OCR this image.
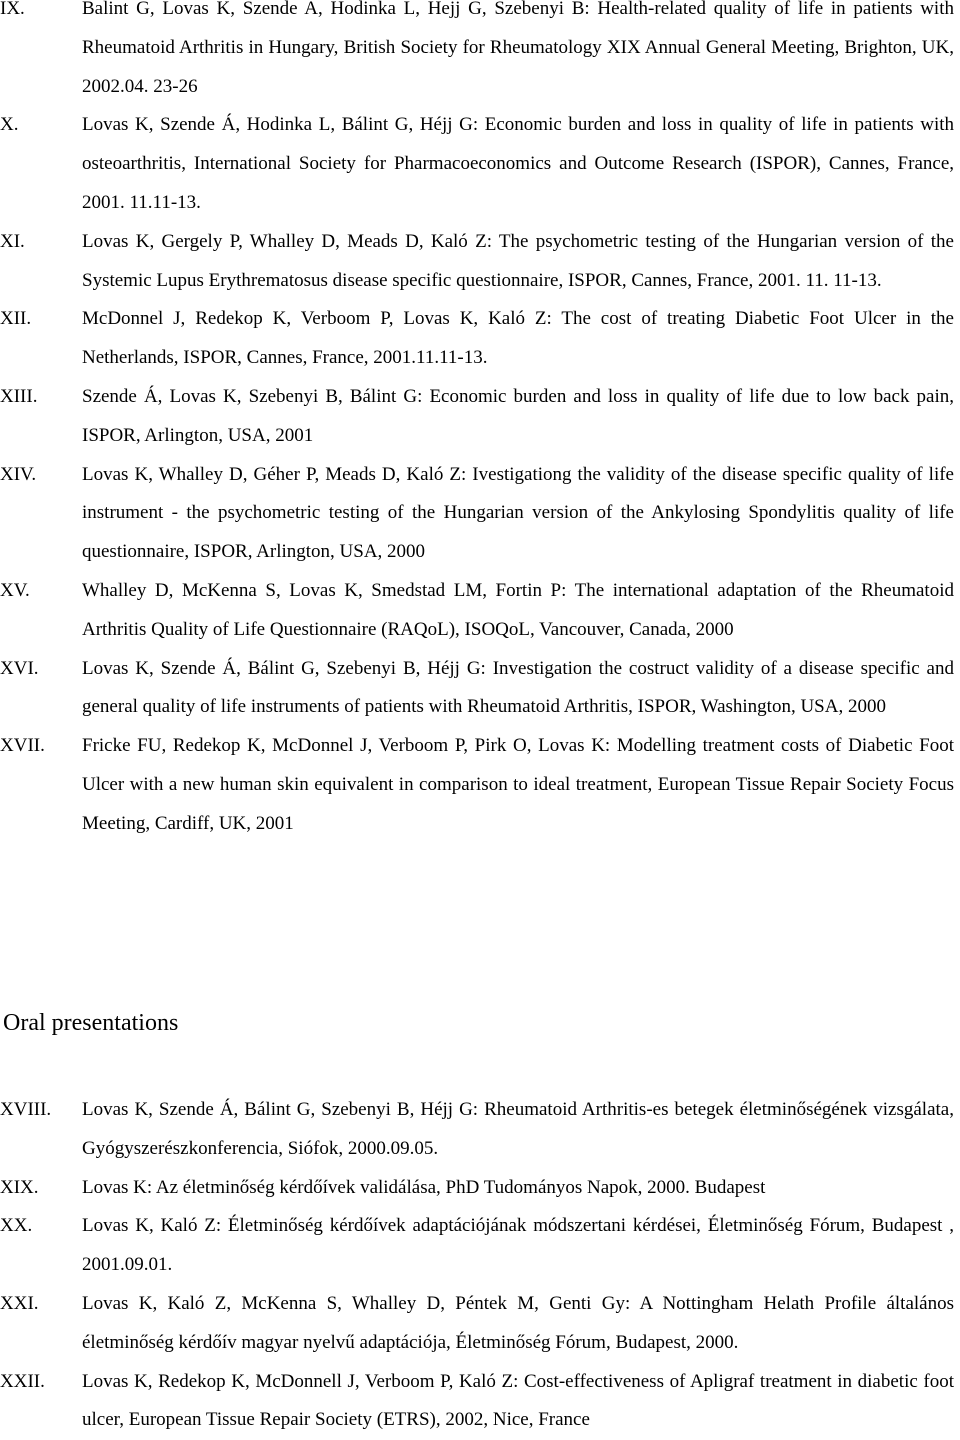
IX.	Balint G, Lovas K, Szende A, Hodinka L, Hejj G, Szebenyi B: Health-related quality of life in patients with Rheumatoid Arthritis in Hungary, British Society for Rheumatology XIX Annual General Meeting, Brighton, UK, 2002.04. 23-26
X.	Lovas K, Szende Á, Hodinka L, Bálint G, Héjj G: Economic burden and loss in quality of life in patients with osteoarthritis, International Society for Pharmacoeconomics and Outcome Research (ISPOR), Cannes, France, 2001. 11.11-13.
XI.	Lovas K, Gergely P, Whalley D, Meads D, Kaló Z: The psychometric testing of the Hungarian version of the Systemic Lupus Erythrematosus disease specific questionnaire, ISPOR, Cannes, France, 2001. 11. 11-13.
XII.	McDonnel J, Redekop K, Verboom P, Lovas K, Kaló Z: The cost of treating Diabetic Foot Ulcer in the Netherlands, ISPOR, Cannes, France, 2001.11.11-13.
XIII. Szende Á, Lovas K, Szebenyi B, Bálint G: Economic burden and loss in quality of life due to low back pain, ISPOR, Arlington, USA, 2001
XIV. Lovas K, Whalley D, Géher P, Meads D, Kaló Z: Ivestigationg the validity of the disease specific quality of life instrument - the psychometric testing of the Hungarian version of the Ankylosing Spondylitis quality of life questionnaire, ISPOR, Arlington, USA, 2000
XV.	Whalley D, McKenna S, Lovas K, Smedstad LM, Fortin P: The international adaptation of the Rheumatoid Arthritis Quality of Life Questionnaire (RAQoL), ISOQoL, Vancouver, Canada, 2000
XVI. Lovas K, Szende Á, Bálint G, Szebenyi B, Héjj G: Investigation the costruct validity of a disease specific and general quality of life instruments of patients with Rheumatoid Arthritis, ISPOR, Washington, USA, 2000
XVII. Fricke FU, Redekop K, McDonnel J, Verboom P, Pirk O, Lovas K: Modelling treatment costs of Diabetic Foot Ulcer with a new human skin equivalent in comparison to ideal treatment, European Tissue Repair Society Focus Meeting, Cardiff, UK, 2001
Oral presentations
XVIII. Lovas K, Szende Á, Bálint G, Szebenyi B, Héjj G: Rheumatoid Arthritis-es betegek életminőségének vizsgálata, Gyógyszerészkonferencia, Siófok, 2000.09.05.
XIX. Lovas K: Az életminőség kérdőívek validálása, PhD Tudományos Napok, 2000. Budapest
XX.	Lovas K, Kaló Z: Életminőség kérdőívek adaptációjának módszertani kérdései, Életminőség Fórum, Budapest , 2001.09.01.
XXI. Lovas K, Kaló Z, McKenna S, Whalley D, Péntek M, Genti Gy: A Nottingham Helath Profile általános életminőség kérdőív magyar nyelvű adaptációja, Életminőség Fórum, Budapest, 2000.
XXII. Lovas K, Redekop K, McDonnell J, Verboom P, Kaló Z: Cost-effectiveness of Apligraf treatment in diabetic foot ulcer, European Tissue Repair Society (ETRS), 2002, Nice, France
